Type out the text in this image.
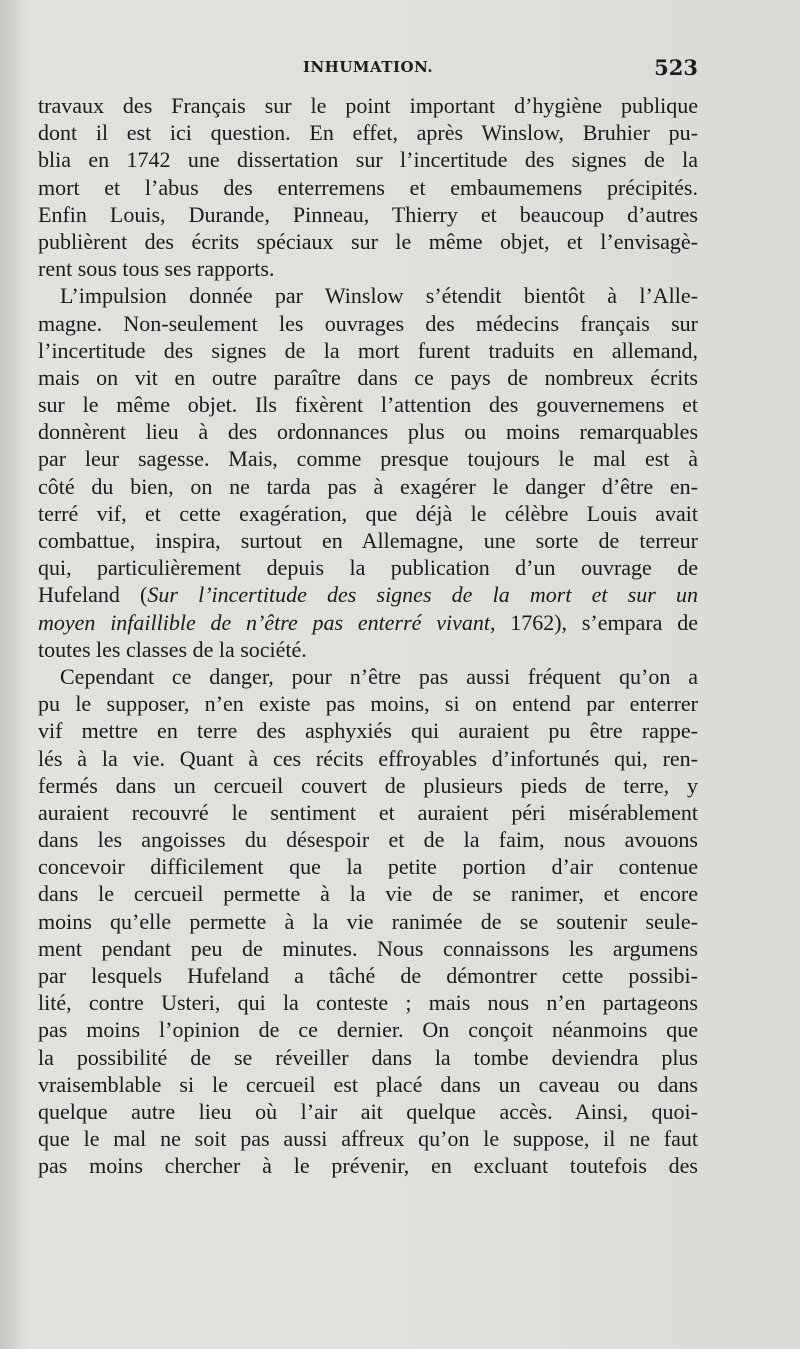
INHUMATION.	523
travaux des Français sur le point important d’hygiène publique
dont il est ici question. En effet, après Winslow, Bruhier pu-
blia en 1742 une dissertation sur l’incertitude des signes de la
mort et l’abus des enterremens et embaumemens précipités.
Enfin Louis, Durande, Pinneau, Thierry et beaucoup d’autres
publièrent des écrits spéciaux sur le même objet, et l’envisagè-
rent sous tous ses rapports.
L’impulsion donnée par Winslow s’étendit bientôt à l’Alle-
magne. Non-seulement les ouvrages des médecins français sur
l’incertitude des signes de la mort furent traduits en allemand,
mais on vit en outre paraître dans ce pays de nombreux écrits
sur le même objet. Ils fixèrent l’attention des gouvernemens et
donnèrent lieu à des ordonnances plus ou moins remarquables
par leur sagesse. Mais, comme presque toujours le mal est à
côté du bien, on ne tarda pas à exagérer le danger d’être en-
terré vif, et cette exagération, que déjà le célèbre Louis avait
combattue, inspira, surtout en Allemagne, une sorte de terreur
qui, particulièrement depuis la publication d’un ouvrage de
Hufeland (Sur l’incertitude des signes de la mort et sur un
moyen infaillible de n’être pas enterré vivant, 1762), s’empara de
toutes les classes de la société.
Cependant ce danger, pour n’être pas aussi fréquent qu’on a
pu le supposer, n’en existe pas moins, si on entend par enterrer
vif mettre en terre des asphyxiés qui auraient pu être rappe-
lés à la vie. Quant à ces récits effroyables d’infortunés qui, ren-
fermés dans un cercueil couvert de plusieurs pieds de terre, y
auraient recouvré le sentiment et auraient péri misérablement
dans les angoisses du désespoir et de la faim, nous avouons
concevoir difficilement que la petite portion d’air contenue
dans le cercueil permette à la vie de se ranimer, et encore
moins qu’elle permette à la vie ranimée de se soutenir seule-
ment pendant peu de minutes. Nous connaissons les argumens
par lesquels Hufeland a tâché de démontrer cette possibi-
lité, contre Usteri, qui la conteste ; mais nous n’en partageons
pas moins l’opinion de ce dernier. On conçoit néanmoins que
la possibilité de se réveiller dans la tombe deviendra plus
vraisemblable si le cercueil est placé dans un caveau ou dans
quelque autre lieu où l’air ait quelque accès. Ainsi, quoi-
que le mal ne soit pas aussi affreux qu’on le suppose, il ne faut
pas moins chercher à le prévenir, en excluant toutefois des
